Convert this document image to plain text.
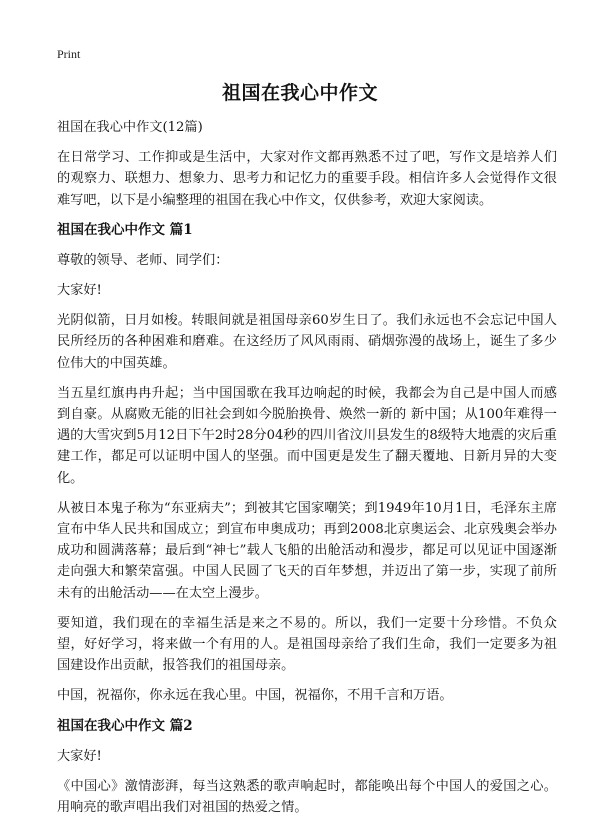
Print
祖国在我心中作文

祖国在我心中作文(12篇)

在日常学习、工作抑或是生活中，大家对作文都再熟悉不过了吧，写作文是培养人们的观察力、联想力、想象力、思考力和记忆力的重要手段。相信许多人会觉得作文很难写吧，以下是小编整理的祖国在我心中作文，仅供参考，欢迎大家阅读。

祖国在我心中作文 篇1

尊敬的领导、老师、同学们：

大家好!

光阴似箭，日月如梭。转眼间就是祖国母亲60岁生日了。我们永远也不会忘记中国人民所经历的各种困难和磨难。在这经历了风风雨雨、硝烟弥漫的战场上，诞生了多少位伟大的中国英雄。

当五星红旗冉冉升起；当中国国歌在我耳边响起的时候，我都会为自己是中国人而感到自豪。从腐败无能的旧社会到如今脱胎换骨、焕然一新的 新中国；从100年难得一遇的大雪灾到5月12日下午2时28分04秒的四川省汶川县发生的8级特大地震的灾后重建工作，都足可以证明中国人的坚强。而中国更是发生了翻天覆地、日新月异的大变化。

从被日本鬼子称为“东亚病夫”；到被其它国家嘲笑；到1949年10月1日，毛泽东主席宣布中华人民共和国成立；到宣布申奥成功；再到2008北京奥运会、北京残奥会举办成功和圆满落幕；最后到“神七”载人飞船的出舱活动和漫步，都足可以见证中国逐渐走向强大和繁荣富强。中国人民圆了飞天的百年梦想，并迈出了第一步，实现了前所未有的出舱活动——在太空上漫步。

要知道，我们现在的幸福生活是来之不易的。所以，我们一定要十分珍惜。不负众望，好好学习，将来做一个有用的人。是祖国母亲给了我们生命，我们一定要多为祖国建设作出贡献，报答我们的祖国母亲。

中国，祝福你，你永远在我心里。中国，祝福你，不用千言和万语。

祖国在我心中作文 篇2

大家好!

《中国心》激情澎湃，每当这熟悉的歌声响起时，都能唤出每个中国人的爱国之心。用响亮的歌声唱出我们对祖国的热爱之情。
